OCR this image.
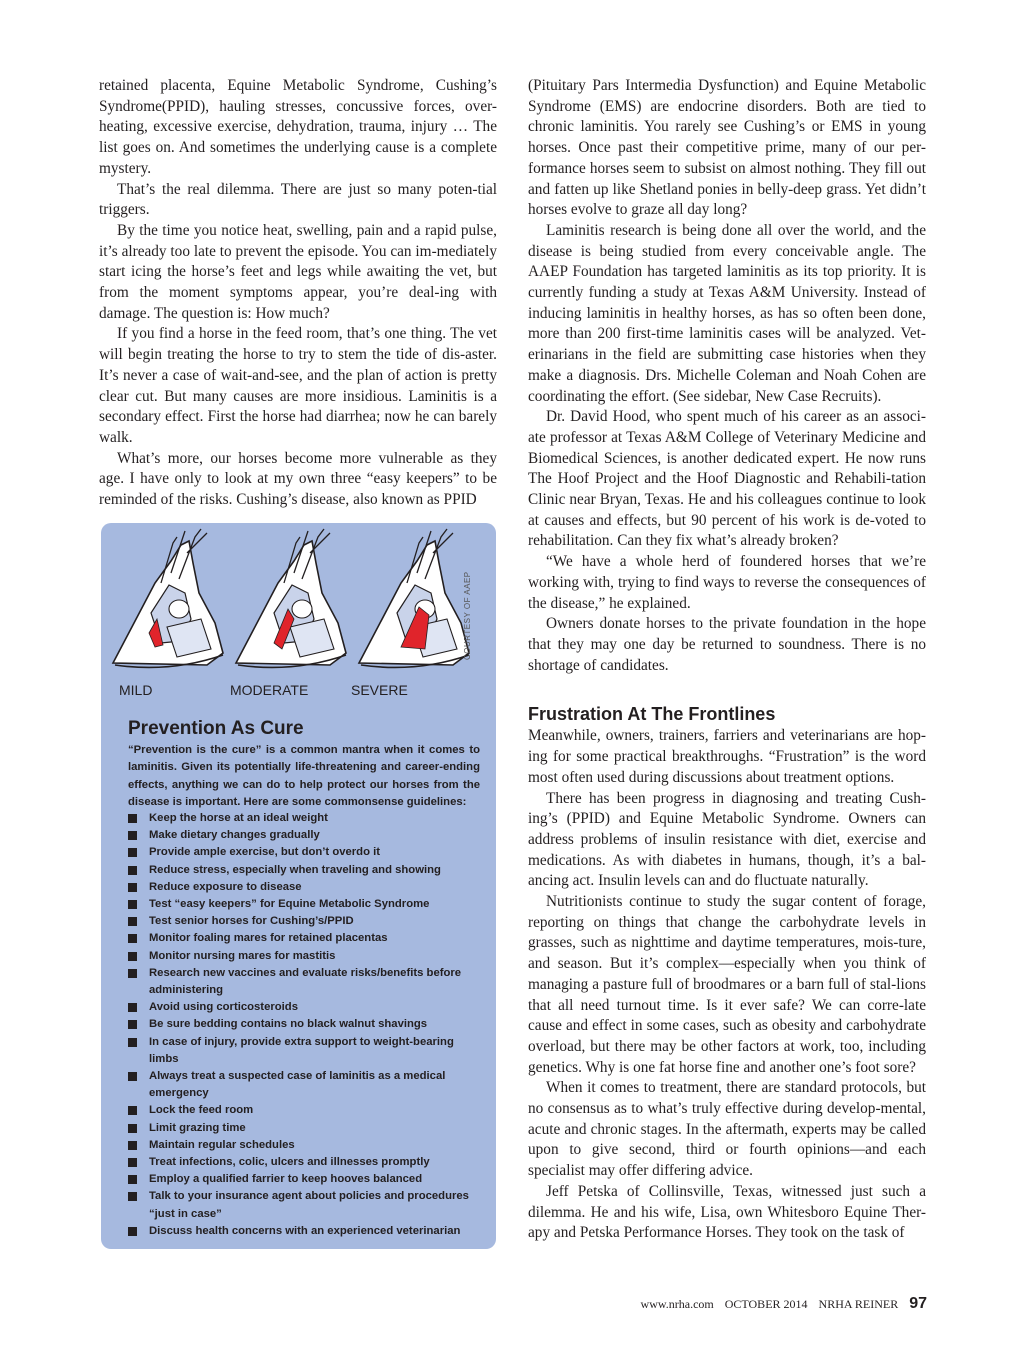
retained placenta, Equine Metabolic Syndrome, Cushing’s Syndrome(PPID), hauling stresses, concussive forces, over-heating, excessive exercise, dehydration, trauma, injury … The list goes on. And sometimes the underlying cause is a complete mystery.

That’s the real dilemma. There are just so many poten-tial triggers.

By the time you notice heat, swelling, pain and a rapid pulse, it’s already too late to prevent the episode. You can im-mediately start icing the horse’s feet and legs while awaiting the vet, but from the moment symptoms appear, you’re deal-ing with damage. The question is: How much?

If you find a horse in the feed room, that’s one thing. The vet will begin treating the horse to try to stem the tide of dis-aster. It’s never a case of wait-and-see, and the plan of action is pretty clear cut. But many causes are more insidious. Laminitis is a secondary effect. First the horse had diarrhea; now he can barely walk.

What’s more, our horses become more vulnerable as they age. I have only to look at my own three “easy keepers” to be reminded of the risks. Cushing’s disease, also known as PPID

(Pituitary Pars Intermedia Dysfunction) and Equine Metabolic Syndrome (EMS) are endocrine disorders. Both are tied to chronic laminitis. You rarely see Cushing’s or EMS in young horses. Once past their competitive prime, many of our per-formance horses seem to subsist on almost nothing. They fill out and fatten up like Shetland ponies in belly-deep grass. Yet didn’t horses evolve to graze all day long?

Laminitis research is being done all over the world, and the disease is being studied from every conceivable angle. The AAEP Foundation has targeted laminitis as its top priority. It is currently funding a study at Texas A&M University. Instead of inducing laminitis in healthy horses, as has so often been done, more than 200 first-time laminitis cases will be analyzed. Vet-erinarians in the field are submitting case histories when they make a diagnosis. Drs. Michelle Coleman and Noah Cohen are coordinating the effort. (See sidebar, New Case Recruits).

Dr. David Hood, who spent much of his career as an associ-ate professor at Texas A&M College of Veterinary Medicine and Biomedical Sciences, is another dedicated expert. He now runs The Hoof Project and the Hoof Diagnostic and Rehabili-tation Clinic near Bryan, Texas. He and his colleagues continue to look at causes and effects, but 90 percent of his work is de-voted to rehabilitation. Can they fix what’s already broken?

“We have a whole herd of foundered horses that we’re working with, trying to find ways to reverse the consequences of the disease,” he explained.

Owners donate horses to the private foundation in the hope that they may one day be returned to soundness. There is no shortage of candidates.

Frustration At The Frontlines

Meanwhile, owners, trainers, farriers and veterinarians are hop-ing for some practical breakthroughs. “Frustration” is the word most often used during discussions about treatment options.

There has been progress in diagnosing and treating Cush-ing’s (PPID) and Equine Metabolic Syndrome. Owners can address problems of insulin resistance with diet, exercise and medications. As with diabetes in humans, though, it’s a bal-ancing act. Insulin levels can and do fluctuate naturally.

Nutritionists continue to study the sugar content of forage, reporting on things that change the carbohydrate levels in grasses, such as nighttime and daytime temperatures, mois-ture, and season. But it’s complex—especially when you think of managing a pasture full of broodmares or a barn full of stal-lions that all need turnout time. Is it ever safe? We can corre-late cause and effect in some cases, such as obesity and carbohydrate overload, but there may be other factors at work, too, including genetics. Why is one fat horse fine and another one’s foot sore?

When it comes to treatment, there are standard protocols, but no consensus as to what’s truly effective during develop-mental, acute and chronic stages. In the aftermath, experts may be called upon to give second, third or fourth opinions—and each specialist may offer differing advice.

Jeff Petska of Collinsville, Texas, witnessed just such a dilemma. He and his wife, Lisa, own Whitesboro Equine Ther-apy and Petska Performance Horses. They took on the task of

COURTESY OF AAEP
MILD	MODERATE	SEVERE
Prevention As Cure

“Prevention is the cure” is a common mantra when it comes to laminitis. Given its potentially life-threatening and career-ending effects, anything we can do to help protect our horses from the disease is important. Here are some commonsense guidelines:

Keep the horse at an ideal weight
Make dietary changes gradually
Provide ample exercise, but don’t overdo it
Reduce stress, especially when traveling and showing
Reduce exposure to disease
Test “easy keepers” for Equine Metabolic Syndrome
Test senior horses for Cushing’s/PPID
Monitor foaling mares for retained placentas
Monitor nursing mares for mastitis
Research new vaccines and evaluate risks/benefits before administering
Avoid using corticosteroids
Be sure bedding contains no black walnut shavings
In case of injury, provide extra support to weight-bearing limbs
Always treat a suspected case of laminitis as a medical emergency
Lock the feed room
Limit grazing time
Maintain regular schedules
Treat infections, colic, ulcers and illnesses promptly
Employ a qualified farrier to keep hooves balanced
Talk to your insurance agent about policies and procedures “just in case”
Discuss health concerns with an experienced veterinarian
www.nrha.com OCTOBER 2014 NRHA REINER 97
